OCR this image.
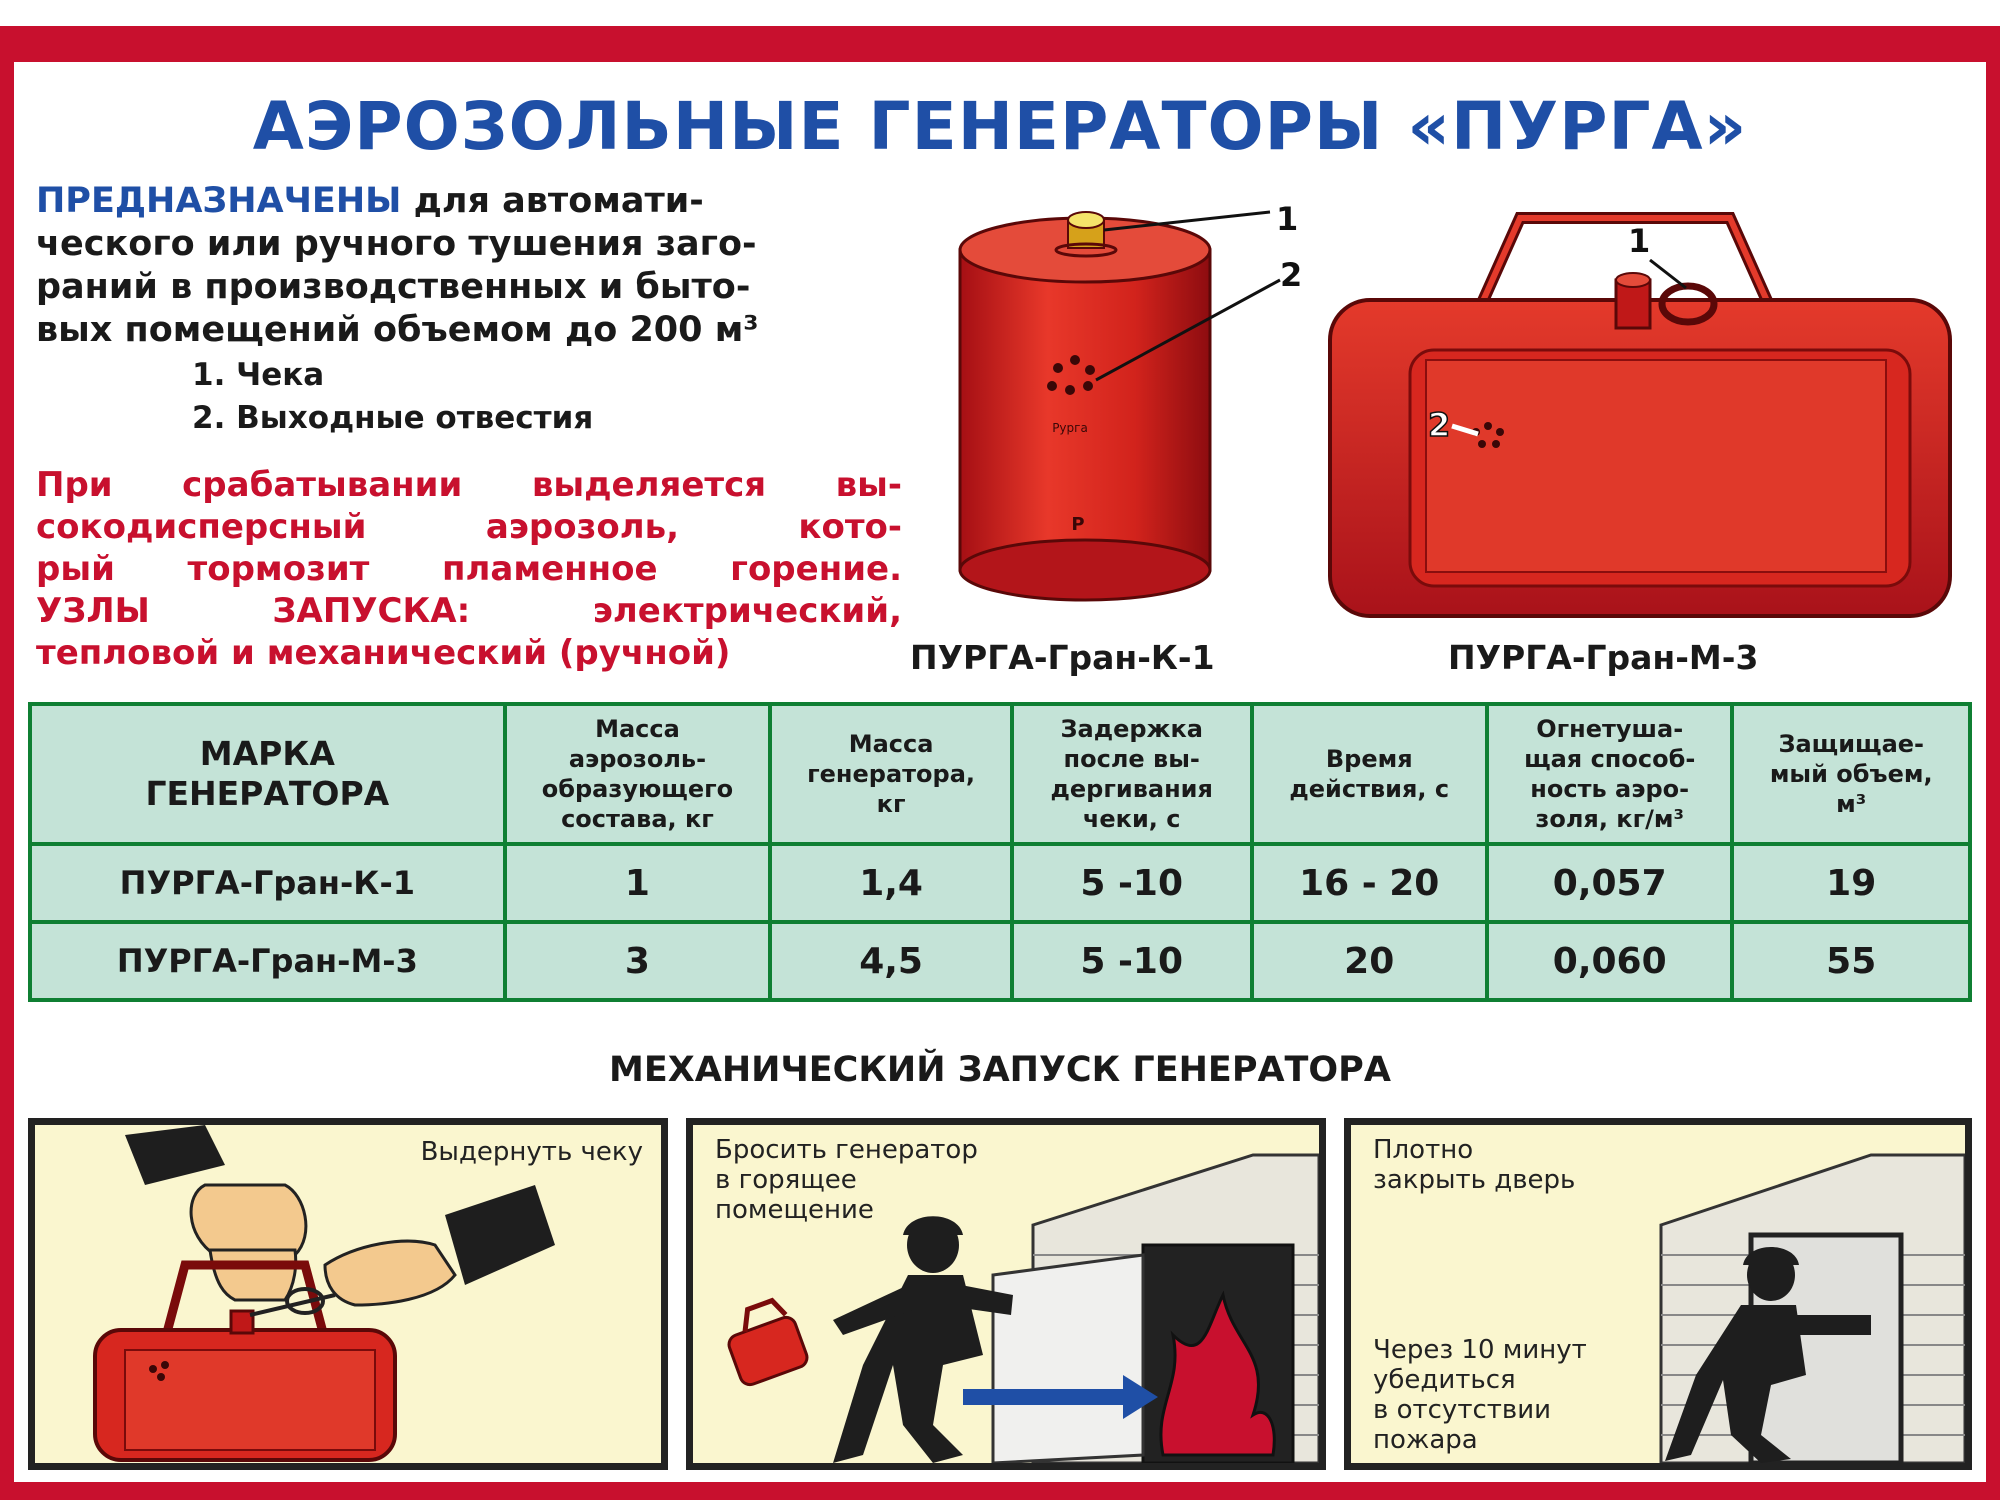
АЭРОЗОЛЬНЫЕ ГЕНЕРАТОРЫ «ПУРГА»
ПРЕДНАЗНАЧЕНЫ для автомати-
ческого или ручного тушения заго-
раний в производственных и быто-
вых помещений объемом до 200 м³
1. Чека
2. Выходные отвестия
При срабатывании выделяется вы-
сокодисперсный аэрозоль, кото-
рый тормозит пламенное горение.
УЗЛЫ ЗАПУСКА: электрический,
тепловой и механический (ручной)
Pурга
Р
1
2
1
2
ПУРГА-Гран-К-1	ПУРГА-Гран-М-3
МАРКА
ГЕНЕРАТОРА	Масса
аэрозоль-
образующего
состава, кг	Масса
генератора,
кг	Задержка
после вы-
дергивания
чеки, с	Время
действия, с	Огнетуша-
щая способ-
ность аэро-
золя, кг/м³	Защищае-
мый объем,
м³
ПУРГА-Гран-К-1	1	1,4	5 -10	16 - 20	0,057	19
ПУРГА-Гран-М-3	3	4,5	5 -10	20	0,060	55
МЕХАНИЧЕСКИЙ ЗАПУСК ГЕНЕРАТОРА
Выдернуть чеку	Бросить генератор
в горящее
помещение
Плотно
закрыть дверь
Через 10 минут
убедиться
в отсутствии
пожара
